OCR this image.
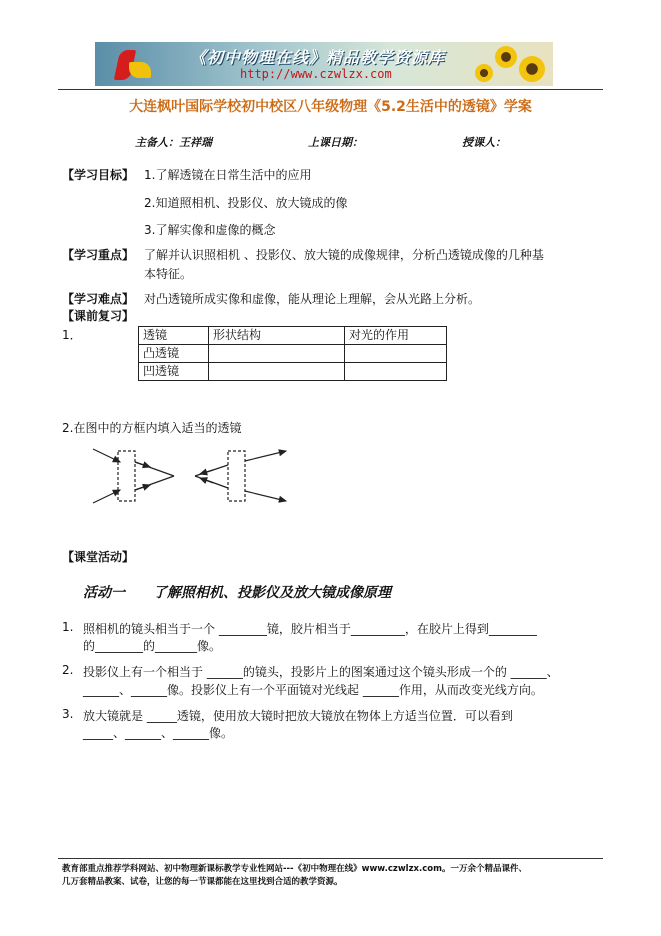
《初中物理在线》精品教学资源库
http://www.czwlzx.com
大连枫叶国际学校初中校区八年级物理《5.2生活中的透镜》学案
主备人：王祥瑞	上课日期：	授课人：
【学习目标】 1.了解透镜在日常生活中的应用
2.知道照相机、投影仪、放大镜成的像
3.了解实像和虚像的概念
【学习重点】 了解并认识照相机 、投影仪、放大镜的成像规律，分析凸透镜成像的几种基
本特征。
【学习难点】 对凸透镜所成实像和虚像，能从理论上理解，会从光路上分析。
【课前复习】
1．	透镜	形状结构	对光的作用
凸透镜		
凹透镜		
2.在图中的方框内填入适当的透镜
【课堂活动】
活动一　　了解照相机、投影仪及放大镜成像原理
1. 照相机的镜头相当于一个 ________镜，胶片相当于_________，在胶片上得到________
的________的_______像。
2. 投影仪上有一个相当于 ______的镜头，投影片上的图案通过这个镜头形成一个的 ______、
______、______像。投影仪上有一个平面镜对光线起 ______作用，从而改变光线方向。
3. 放大镜就是 _____透镜，使用放大镜时把放大镜放在物体上方适当位置．可以看到
_____、______、______像。
教育部重点推荐学科网站、初中物理新课标教学专业性网站---《初中物理在线》www.czwlzx.com。一万余个精品课件、
几万套精品教案、试卷，让您的每一节课都能在这里找到合适的教学资源。
